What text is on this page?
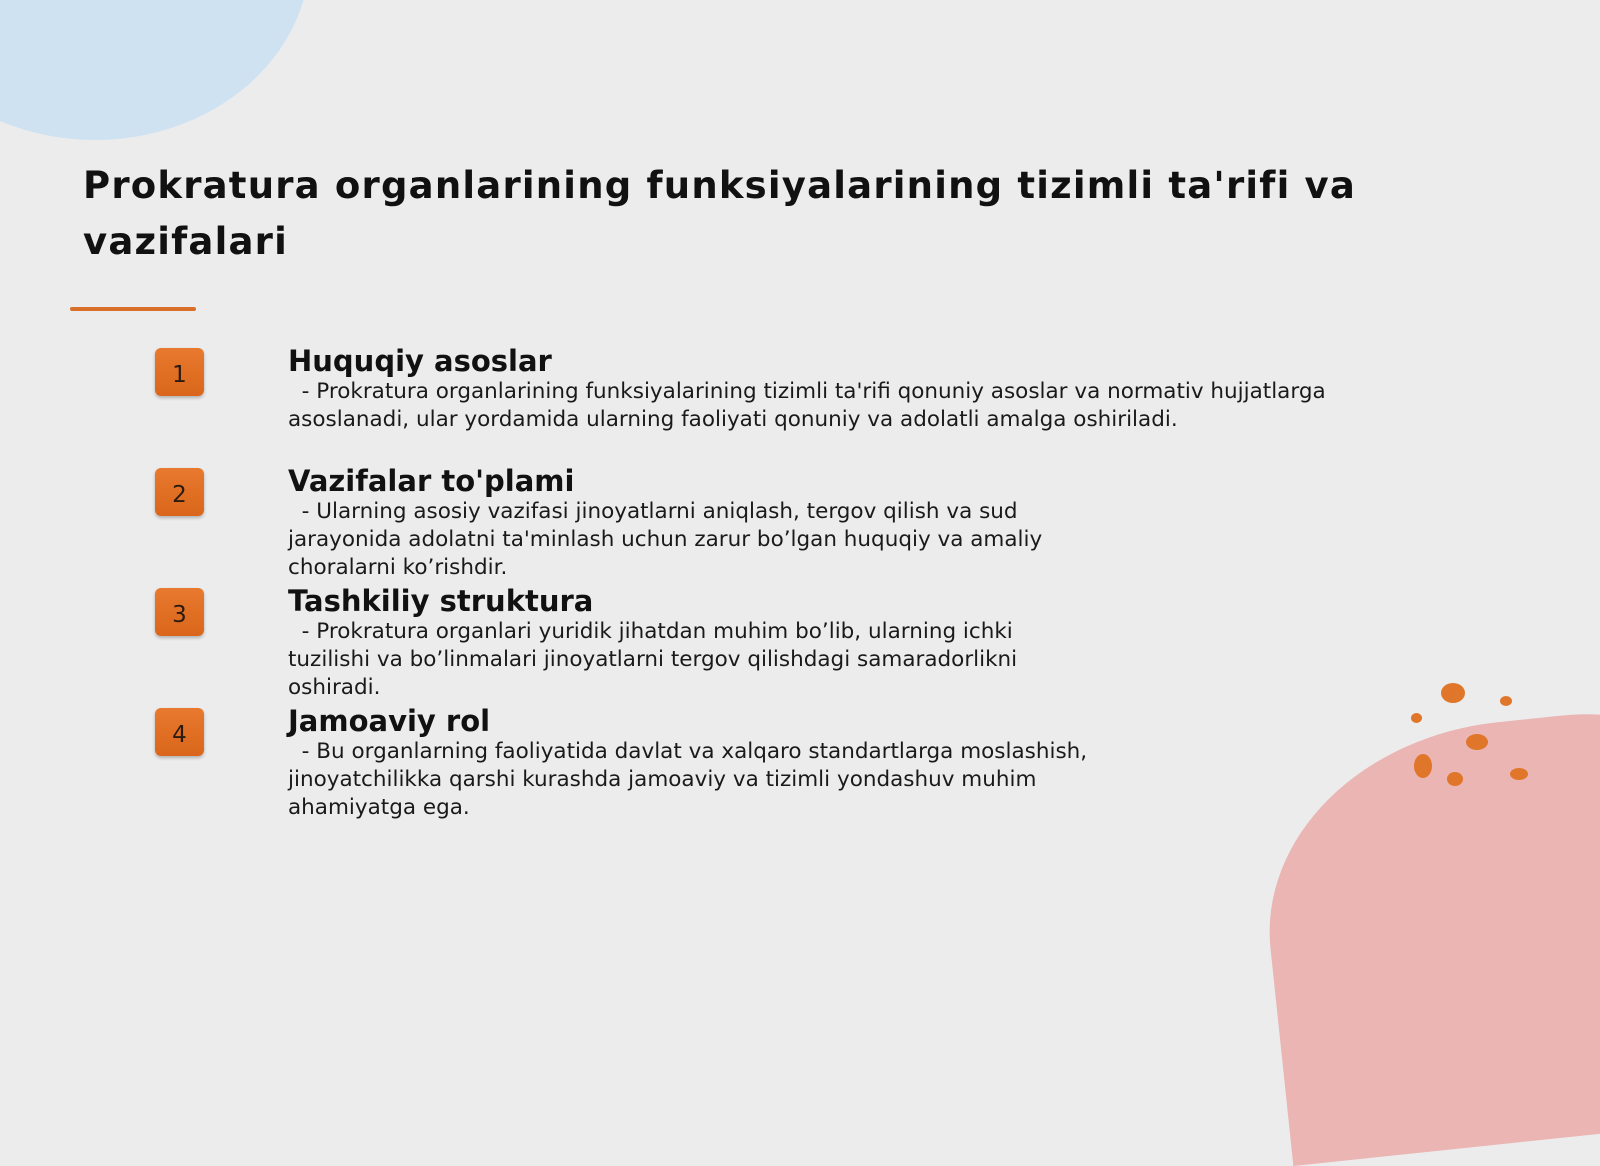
Prokratura organlarining funksiyalarining tizimli ta'rifi va vazifalari
1	Huquqiy asoslar
- Prokratura organlarining funksiyalarining tizimli ta'rifi qonuniy asoslar va normativ hujjatlarga asoslanadi, ular yordamida ularning faoliyati qonuniy va adolatli amalga oshiriladi.
2	Vazifalar to'plami
- Ularning asosiy vazifasi jinoyatlarni aniqlash, tergov qilish va sud jarayonida adolatni ta'minlash uchun zarur bo’lgan huquqiy va amaliy choralarni ko’rishdir.
3	Tashkiliy struktura
- Prokratura organlari yuridik jihatdan muhim bo’lib, ularning ichki tuzilishi va bo’linmalari jinoyatlarni tergov qilishdagi samaradorlikni oshiradi.
4	Jamoaviy rol
- Bu organlarning faoliyatida davlat va xalqaro standartlarga moslashish, jinoyatchilikka qarshi kurashda jamoaviy va tizimli yondashuv muhim ahamiyatga ega.
